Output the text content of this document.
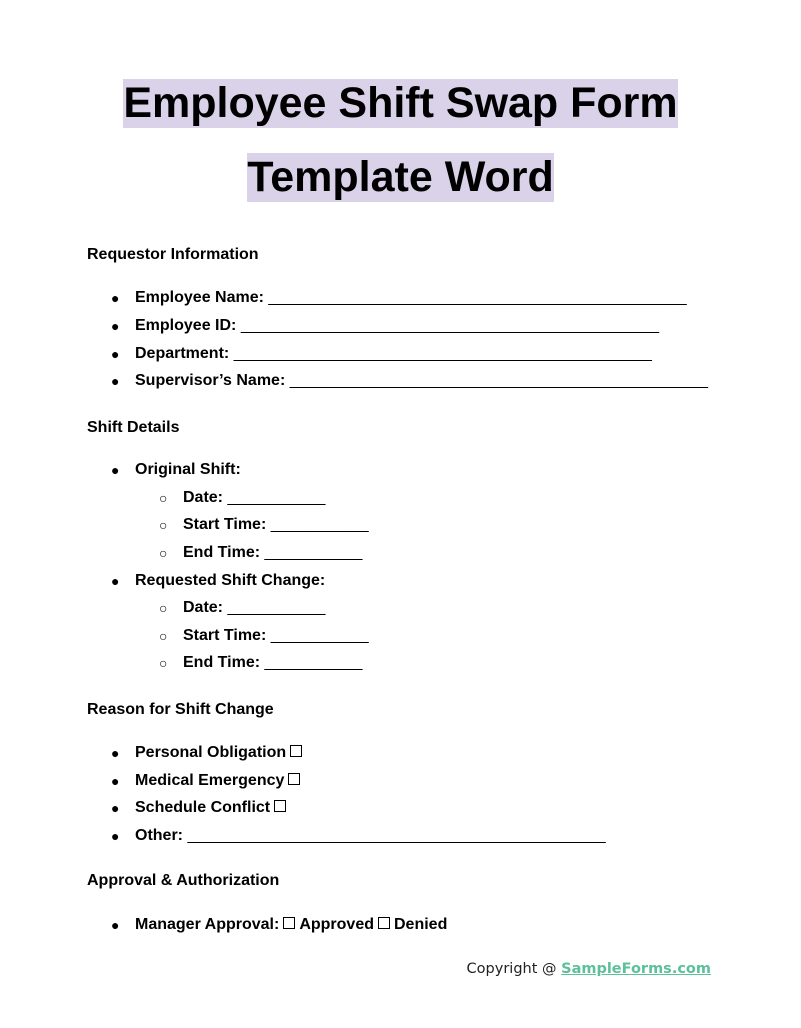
Employee Shift Swap Form
Template Word
Requestor Information
● Employee Name: _______________________________________________
● Employee ID: _______________________________________________
● Department: _______________________________________________
● Supervisor’s Name: _______________________________________________
Shift Details
● Original Shift:
○ Date: ___________
○ Start Time: ___________
○ End Time: ___________
● Requested Shift Change:
○ Date: ___________
○ Start Time: ___________
○ End Time: ___________
Reason for Shift Change
● Personal Obligation
● Medical Emergency
● Schedule Conflict
● Other: _______________________________________________
Approval & Authorization
● Manager Approval: Approved Denied
Copyright @ SampleForms.com
